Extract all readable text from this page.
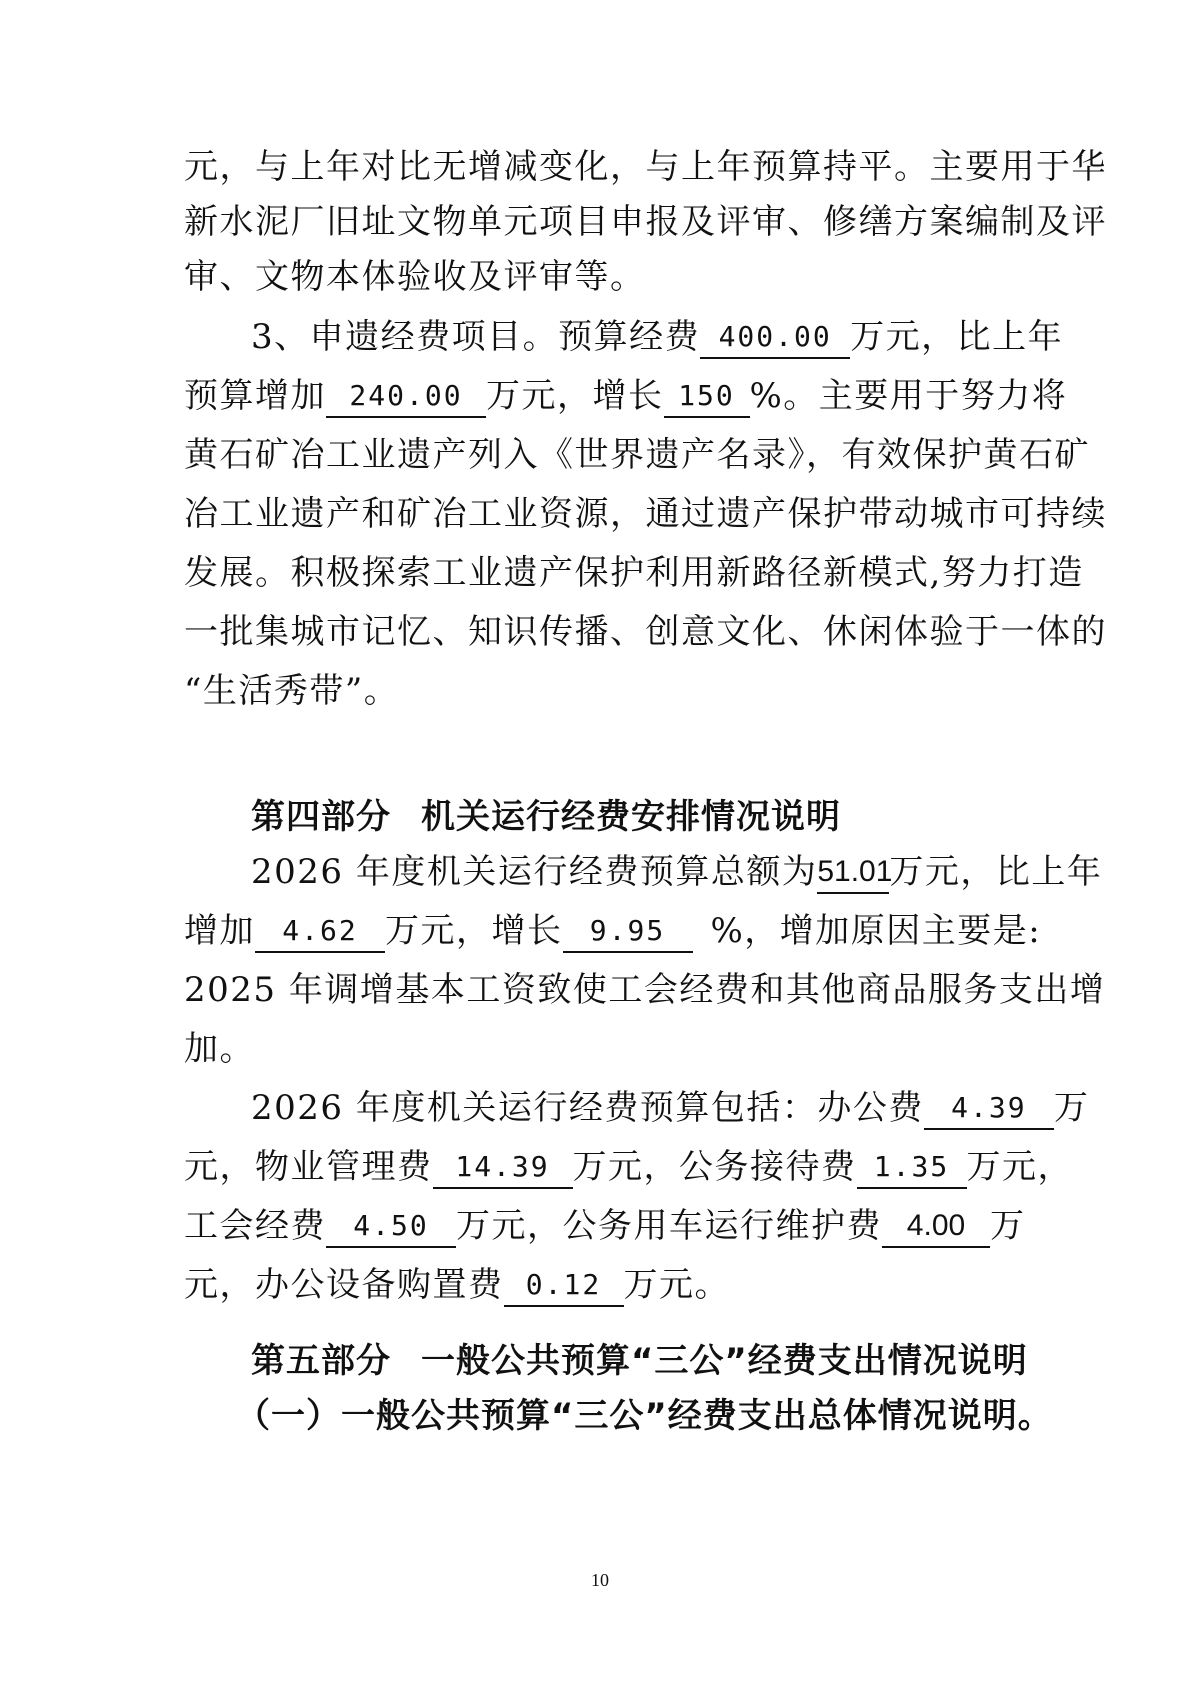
元，与上年对比无增减变化，与上年预算持平。主要用于华
新水泥厂旧址文物单元项目申报及评审、修缮方案编制及评
审、文物本体验收及评审等。
3、申遗经费项目。预算经费 400.00 万元，比上年
预算增加 240.00 万元，增长 150 %。主要用于努力将
黄石矿冶工业遗产列入《世界遗产名录》，有效保护黄石矿
冶工业遗产和矿冶工业资源，通过遗产保护带动城市可持续
发展。积极探索工业遗产保护利用新路径新模式,努力打造
一批集城市记忆、知识传播、创意文化、休闲体验于一体的
“生活秀带”。
第四部分 机关运行经费安排情况说明
2026 年度机关运行经费预算总额为51.01万元，比上年
增加 4.62 万元，增长 9.95 %，增加原因主要是:
2025 年调增基本工资致使工会经费和其他商品服务支出增
加。
2026 年度机关运行经费预算包括：办公费 4.39 万
元，物业管理费 14.39 万元，公务接待费 1.35 万元，
工会经费 4.50 万元，公务用车运行维护费 4.00 万
元，办公设备购置费 0.12 万元。
第五部分 一般公共预算“三公”经费支出情况说明
（一）一般公共预算“三公”经费支出总体情况说明。
10
